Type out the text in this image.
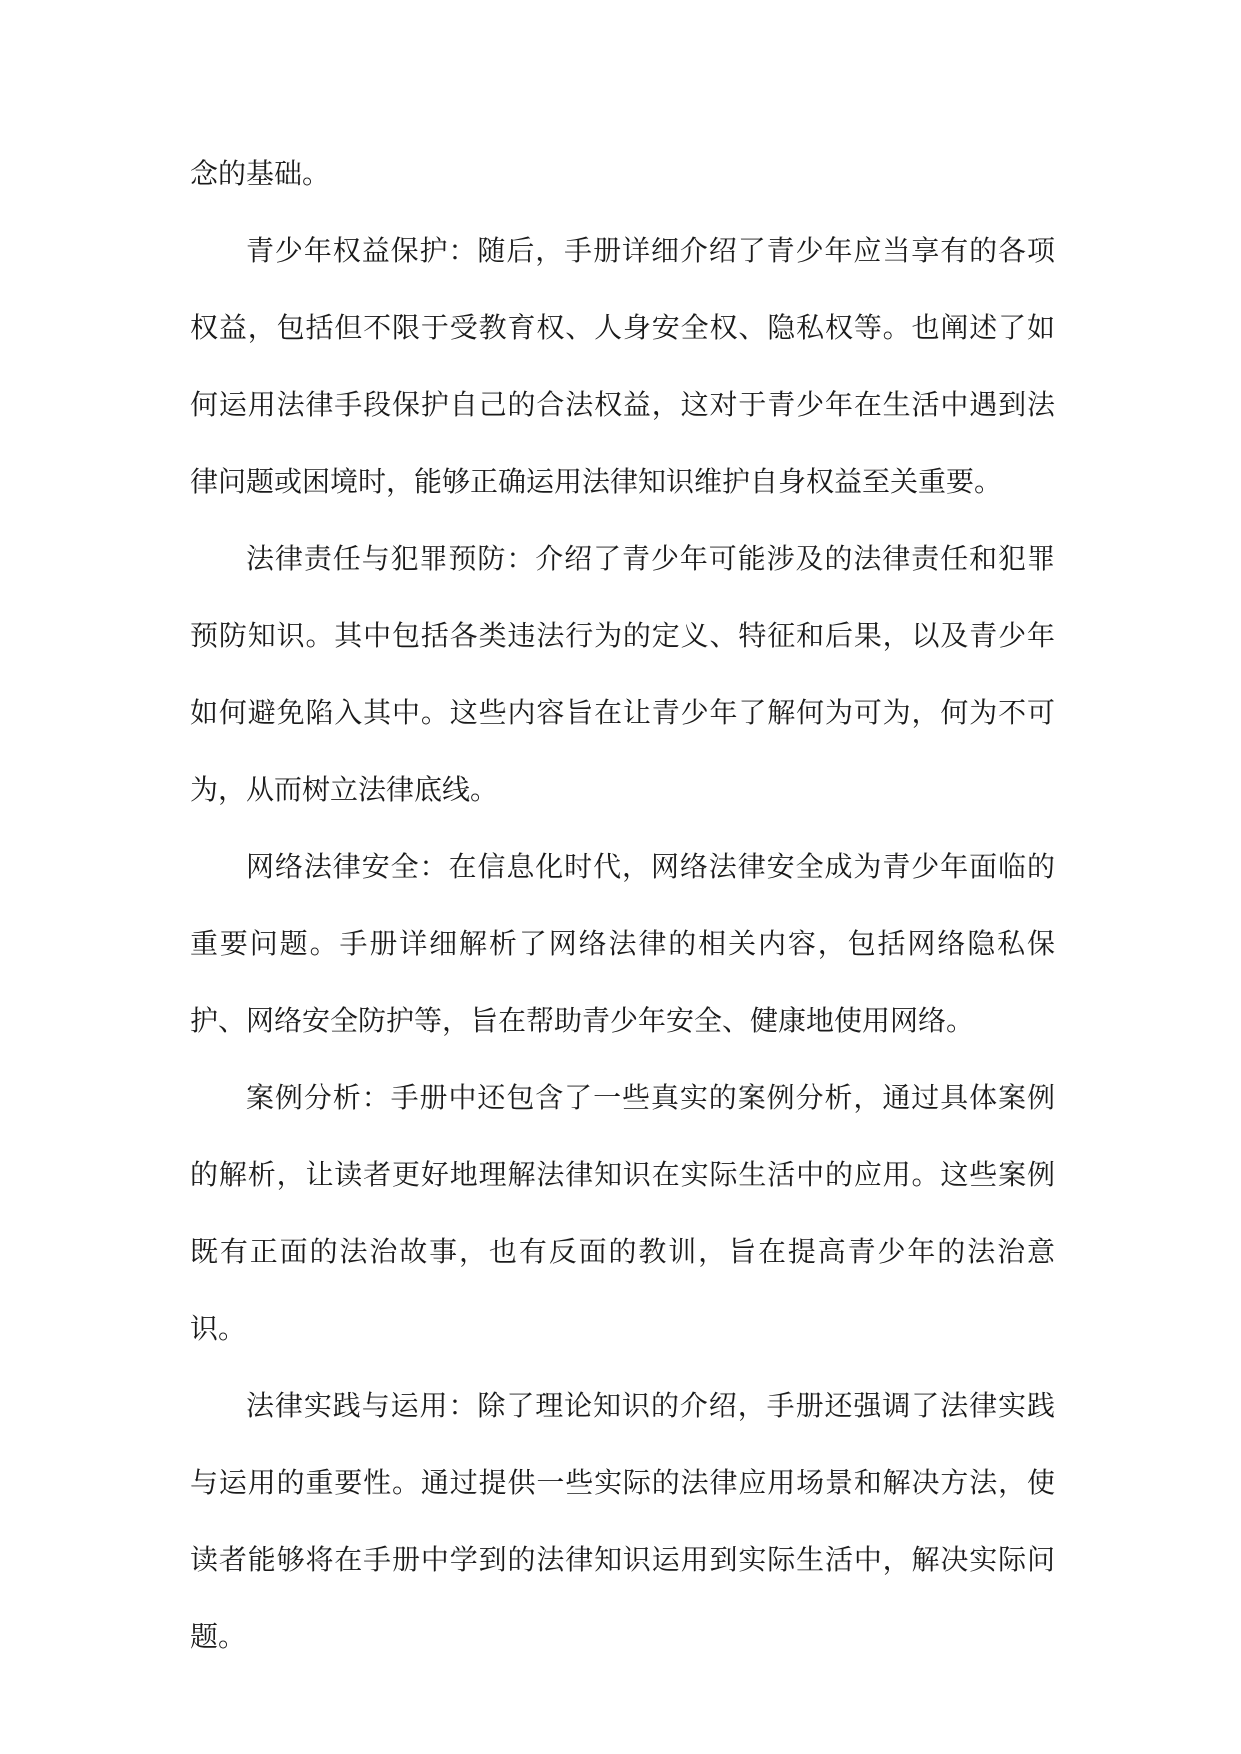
念的基础。

青少年权益保护：随后，手册详细介绍了青少年应当享有的各项权益，包括但不限于受教育权、人身安全权、隐私权等。也阐述了如何运用法律手段保护自己的合法权益，这对于青少年在生活中遇到法律问题或困境时，能够正确运用法律知识维护自身权益至关重要。

法律责任与犯罪预防：介绍了青少年可能涉及的法律责任和犯罪预防知识。其中包括各类违法行为的定义、特征和后果，以及青少年如何避免陷入其中。这些内容旨在让青少年了解何为可为，何为不可为，从而树立法律底线。

网络法律安全：在信息化时代，网络法律安全成为青少年面临的重要问题。手册详细解析了网络法律的相关内容，包括网络隐私保护、网络安全防护等，旨在帮助青少年安全、健康地使用网络。

案例分析：手册中还包含了一些真实的案例分析，通过具体案例的解析，让读者更好地理解法律知识在实际生活中的应用。这些案例既有正面的法治故事，也有反面的教训，旨在提高青少年的法治意识。

法律实践与运用：除了理论知识的介绍，手册还强调了法律实践与运用的重要性。通过提供一些实际的法律应用场景和解决方法，使读者能够将在手册中学到的法律知识运用到实际生活中，解决实际问题。
